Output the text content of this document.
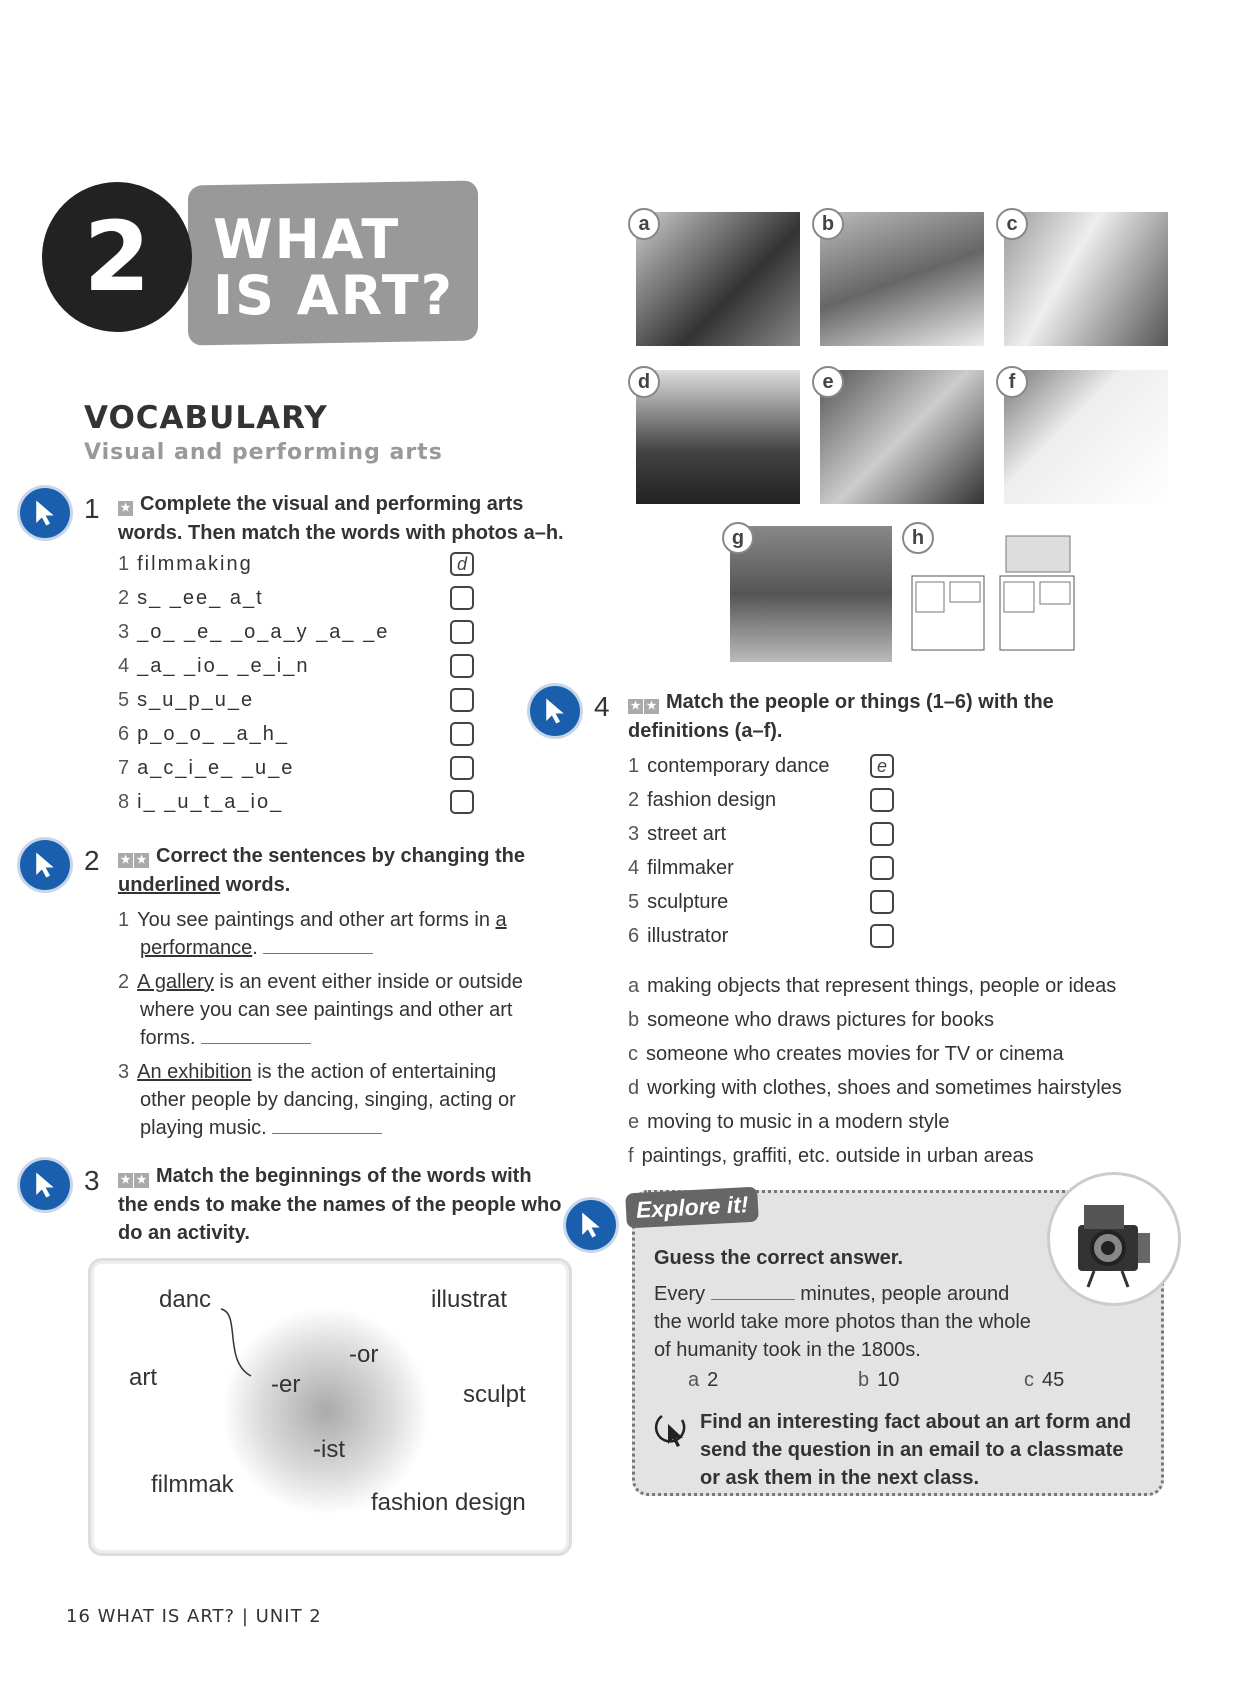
2	WHAT
IS ART?
VOCABULARY
Visual and performing arts
1 ★ Complete the visual and performing arts
words. Then match the words with photos a–h.
1 filmmaking	d
2 s_ _ee_ a_t
3 _o_ _e_ _o_a_y _a_ _e
4 _a_ _io_ _e_i_n
5 s_u_p_u_e
6 p_o_o_ _a_h_
7 a_c_i_e_ _u_e
8 i_ _u_t_a_io_
2 ★ ★ Correct the sentences by changing the
underlined words.
1 You see paintings and other art forms in a
performance.
2 A gallery is an event either inside or outside
where you can see paintings and other art
forms.
3 An exhibition is the action of entertaining
other people by dancing, singing, acting or
playing music.
3 ★ ★ Match the beginnings of the words with
the ends to make the names of the people who
do an activity.
danc	illustrat
art
sculpt
filmmak
fashion design
-or
-er
-ist
a	b	c
d	e	f
g	h
4 ★ ★ Match the people or things (1–6) with the
definitions (a–f).
1 contemporary dance	e
2 fashion design
3 street art
4 filmmaker
5 sculpture
6 illustrator
a making objects that represent things, people or ideas
b someone who draws pictures for books
c someone who creates movies for TV or cinema
d working with clothes, shoes and sometimes hairstyles
e moving to music in a modern style
f paintings, graffiti, etc. outside in urban areas
Explore it!
Guess the correct answer.
Every	minutes, people around
the world take more photos than the whole
of humanity took in the 1800s.
a 2	b 10	c 45
Find an interesting fact about an art form and
send the question in an email to a classmate
or ask them in the next class.
16 WHAT IS ART? | UNIT 2
